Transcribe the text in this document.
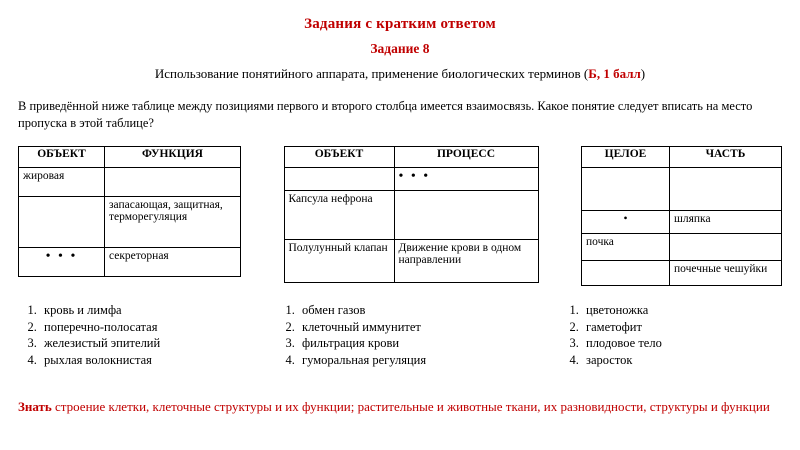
Задания с кратким ответом
Задание 8
Использование понятийного аппарата, применение биологических терминов (Б, 1 балл)
В приведённой ниже таблице между позициями первого и второго столбца имеется взаимосвязь. Какое понятие следует вписать на место пропуска в этой таблице?
ОБЪЕКТ	ФУНКЦИЯ
жировая	
	запасающая, защитная, терморегуляция
• • •	секреторная
ОБЪЕКТ	ПРОЦЕСС
	• • •
Капсула нефрона	
Полулунный клапан	Движение крови в одном направлении
ЦЕЛОЕ	ЧАСТЬ

•	шляпка
почка	
	почечные чешуйки
1. кровь и лимфа
2. поперечно-полосатая
3. железистый эпителий
4. рыхлая волокнистая
1. обмен газов
2. клеточный иммунитет
3. фильтрация крови
4. гуморальная регуляция
1. цветоножка
2. гаметофит
3. плодовое тело
4. заросток
Знать строение клетки, клеточные структуры и их функции; растительные и животные ткани, их разновидности, структуры и функции
